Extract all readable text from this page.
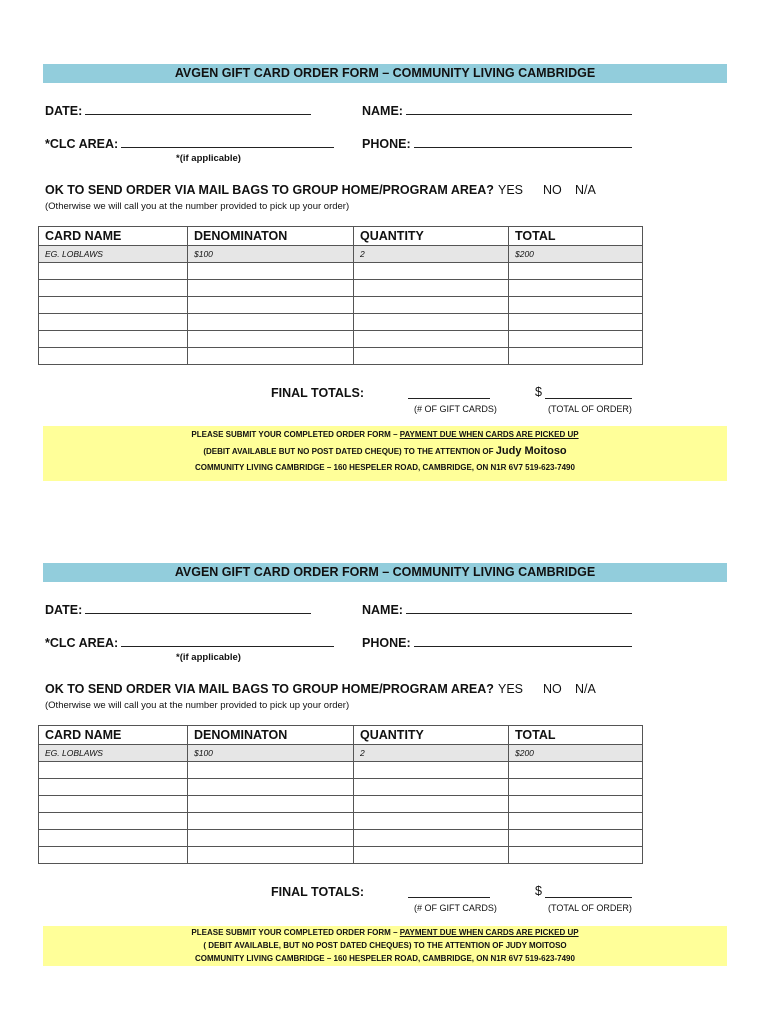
AVGEN GIFT CARD ORDER FORM – COMMUNITY LIVING CAMBRIDGE
DATE:	NAME:
*CLC AREA:	PHONE:
*(if applicable)
OK TO SEND ORDER VIA MAIL BAGS TO GROUP HOME/PROGRAM AREA? YES NO N/A
(Otherwise we will call you at the number provided to pick up your order)
CARD NAME	DENOMINATON	QUANTITY	TOTAL
EG. LOBLAWS	$100	2	$200

FINAL TOTALS:	$
(# OF GIFT CARDS)	(TOTAL OF ORDER)
PLEASE SUBMIT YOUR COMPLETED ORDER FORM – PAYMENT DUE WHEN CARDS ARE PICKED UP
(DEBIT AVAILABLE BUT NO POST DATED CHEQUE) TO THE ATTENTION OF Judy Moitoso
COMMUNITY LIVING CAMBRIDGE – 160 HESPELER ROAD, CAMBRIDGE, ON N1R 6V7 519-623-7490
AVGEN GIFT CARD ORDER FORM – COMMUNITY LIVING CAMBRIDGE
DATE:	NAME:
*CLC AREA:	PHONE:
*(if applicable)
OK TO SEND ORDER VIA MAIL BAGS TO GROUP HOME/PROGRAM AREA? YES NO N/A
(Otherwise we will call you at the number provided to pick up your order)
CARD NAME	DENOMINATON	QUANTITY	TOTAL
EG. LOBLAWS	$100	2	$200

FINAL TOTALS:	$
(# OF GIFT CARDS)	(TOTAL OF ORDER)
PLEASE SUBMIT YOUR COMPLETED ORDER FORM – PAYMENT DUE WHEN CARDS ARE PICKED UP
( DEBIT AVAILABLE, BUT NO POST DATED CHEQUES) TO THE ATTENTION OF JUDY MOITOSO
COMMUNITY LIVING CAMBRIDGE – 160 HESPELER ROAD, CAMBRIDGE, ON N1R 6V7 519-623-7490
